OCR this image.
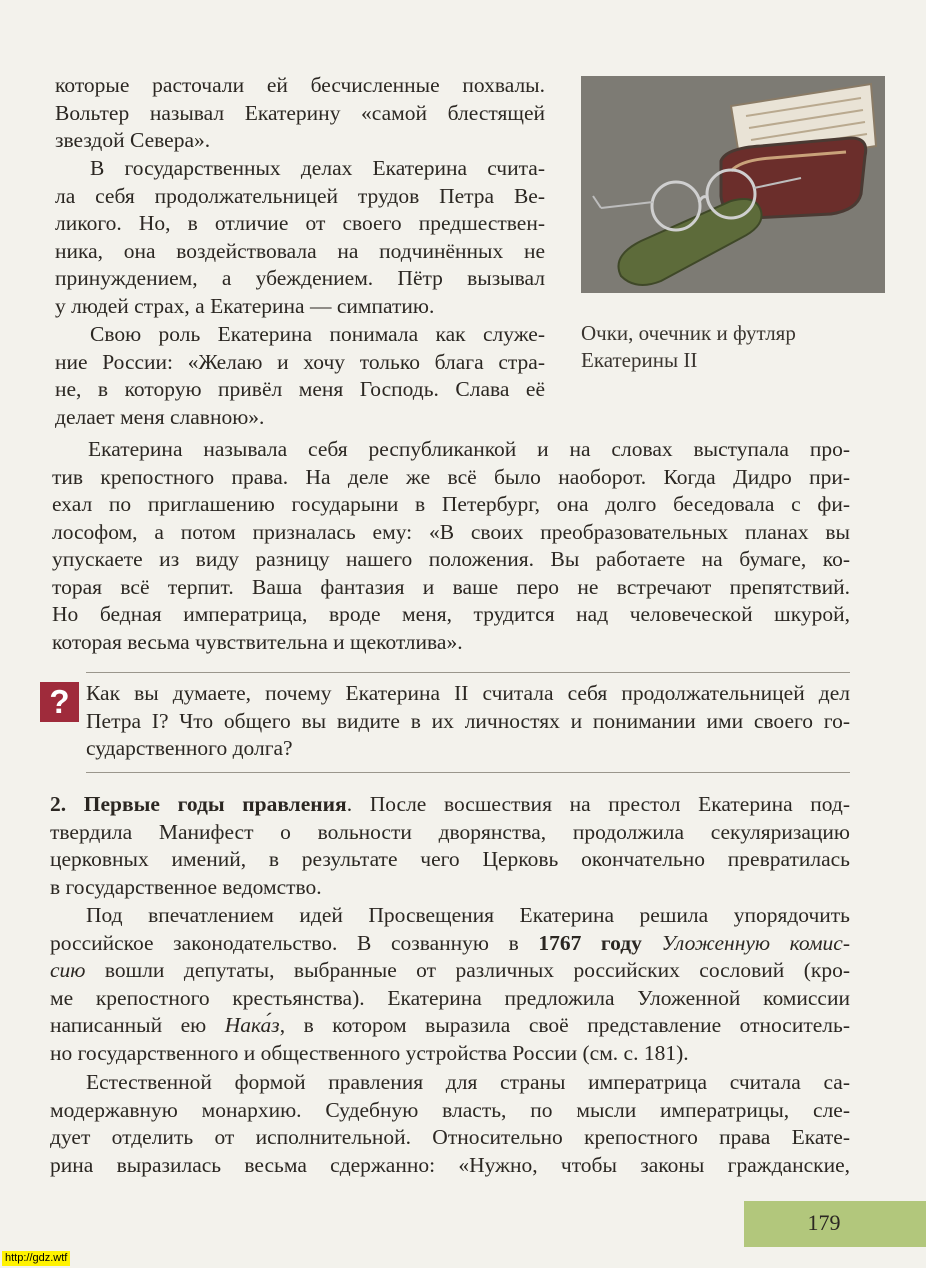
которые расточали ей бесчисленные похвалы.
Вольтер называл Екатерину «самой блестящей
звездой Севера».
В государственных делах Екатерина счита-
ла себя продолжательницей трудов Петра Ве-
ликого. Но, в отличие от своего предшествен-
ника, она воздействовала на подчинённых не
принуждением, а убеждением. Пётр вызывал
у людей страх, а Екатерина — симпатию.
Свою роль Екатерина понимала как служе-
ние России: «Желаю и хочу только блага стра-
не, в которую привёл меня Господь. Слава её
делает меня славною».
Очки, очечник и футляр
Екатерины II
Екатерина называла себя республиканкой и на словах выступала про-
тив крепостного права. На деле же всё было наоборот. Когда Дидро при-
ехал по приглашению государыни в Петербург, она долго беседовала с фи-
лософом, а потом призналась ему: «В своих преобразовательных планах вы
упускаете из виду разницу нашего положения. Вы работаете на бумаге, ко-
торая всё терпит. Ваша фантазия и ваше перо не встречают препятствий.
Но бедная императрица, вроде меня, трудится над человеческой шкурой,
которая весьма чувствительна и щекотлива».
? Как вы думаете, почему Екатерина II считала себя продолжательницей дел
Петра I? Что общего вы видите в их личностях и понимании ими своего го-
сударственного долга?
2. Первые годы правления. После восшествия на престол Екатерина под-
твердила Манифест о вольности дворянства, продолжила секуляризацию
церковных имений, в результате чего Церковь окончательно превратилась
в государственное ведомство.
Под впечатлением идей Просвещения Екатерина решила упорядочить
российское законодательство. В созванную в 1767 году Уложенную комис-
сию вошли депутаты, выбранные от различных российских сословий (кро-
ме крепостного крестьянства). Екатерина предложила Уложенной комиссии
написанный ею Нака́з, в котором выразила своё представление относитель-
но государственного и общественного устройства России (см. с. 181).
Естественной формой правления для страны императрица считала са-
модержавную монархию. Судебную власть, по мысли императрицы, сле-
дует отделить от исполнительной. Относительно крепостного права Екате-
рина выразилась весьма сдержанно: «Нужно, чтобы законы гражданские,
179
http://gdz.wtf
